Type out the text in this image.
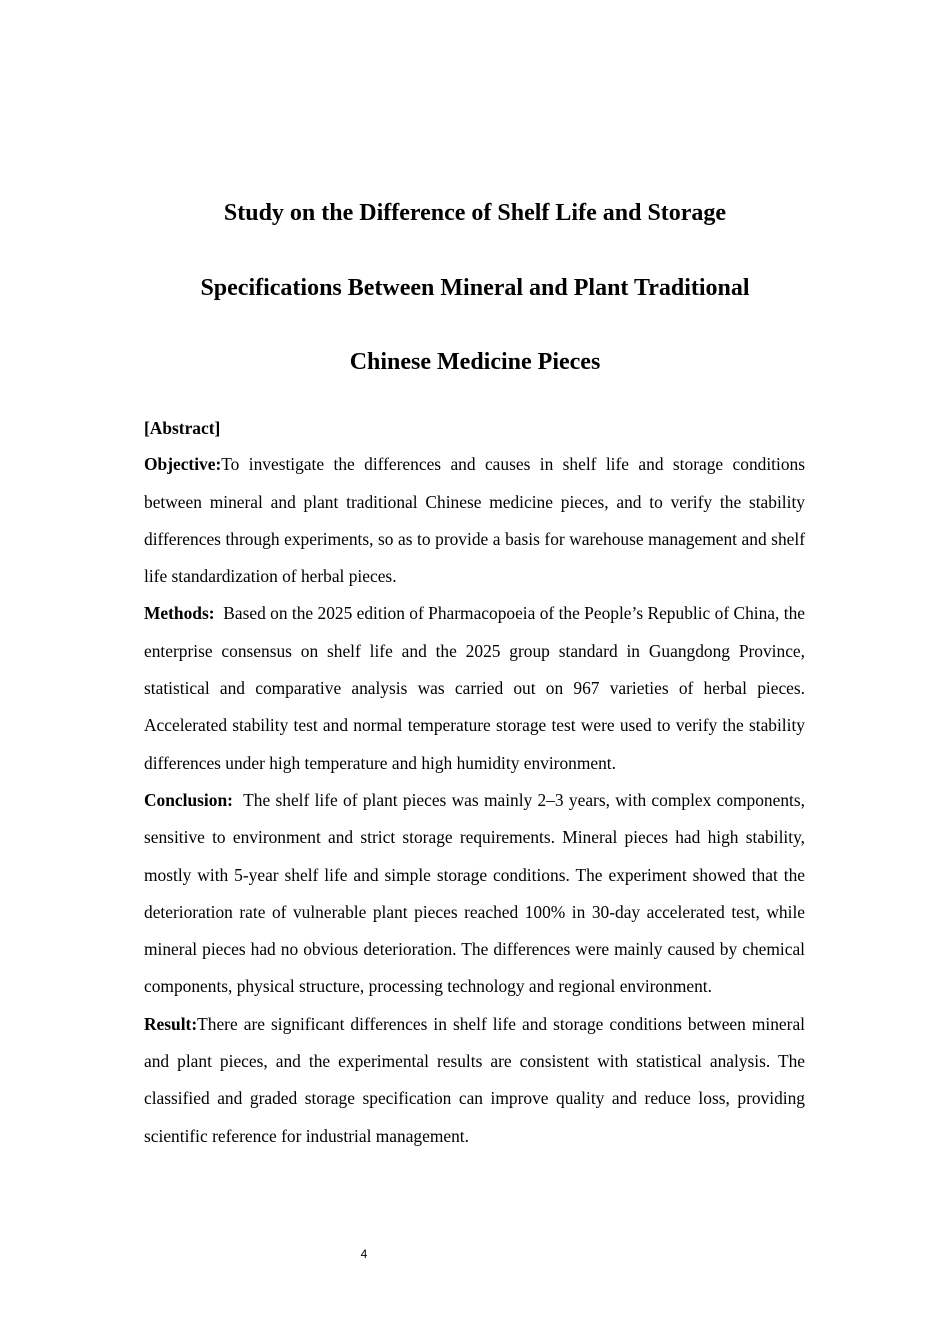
Study on the Difference of Shelf Life and Storage
Specifications Between Mineral and Plant Traditional
Chinese Medicine Pieces

[Abstract]

Objective:To investigate the differences and causes in shelf life and storage conditions between mineral and plant traditional Chinese medicine pieces, and to verify the stability differences through experiments, so as to provide a basis for warehouse management and shelf life standardization of herbal pieces.

Methods: Based on the 2025 edition of Pharmacopoeia of the People’s Republic of China, the enterprise consensus on shelf life and the 2025 group standard in Guangdong Province, statistical and comparative analysis was carried out on 967 varieties of herbal pieces. Accelerated stability test and normal temperature storage test were used to verify the stability differences under high temperature and high humidity environment.

Conclusion: The shelf life of plant pieces was mainly 2–3 years, with complex components, sensitive to environment and strict storage requirements. Mineral pieces had high stability, mostly with 5-year shelf life and simple storage conditions. The experiment showed that the deterioration rate of vulnerable plant pieces reached 100% in 30-day accelerated test, while mineral pieces had no obvious deterioration. The differences were mainly caused by chemical components, physical structure, processing technology and regional environment.

Result:There are significant differences in shelf life and storage conditions between mineral and plant pieces, and the experimental results are consistent with statistical analysis. The classified and graded storage specification can improve quality and reduce loss, providing scientific reference for industrial management.

4
